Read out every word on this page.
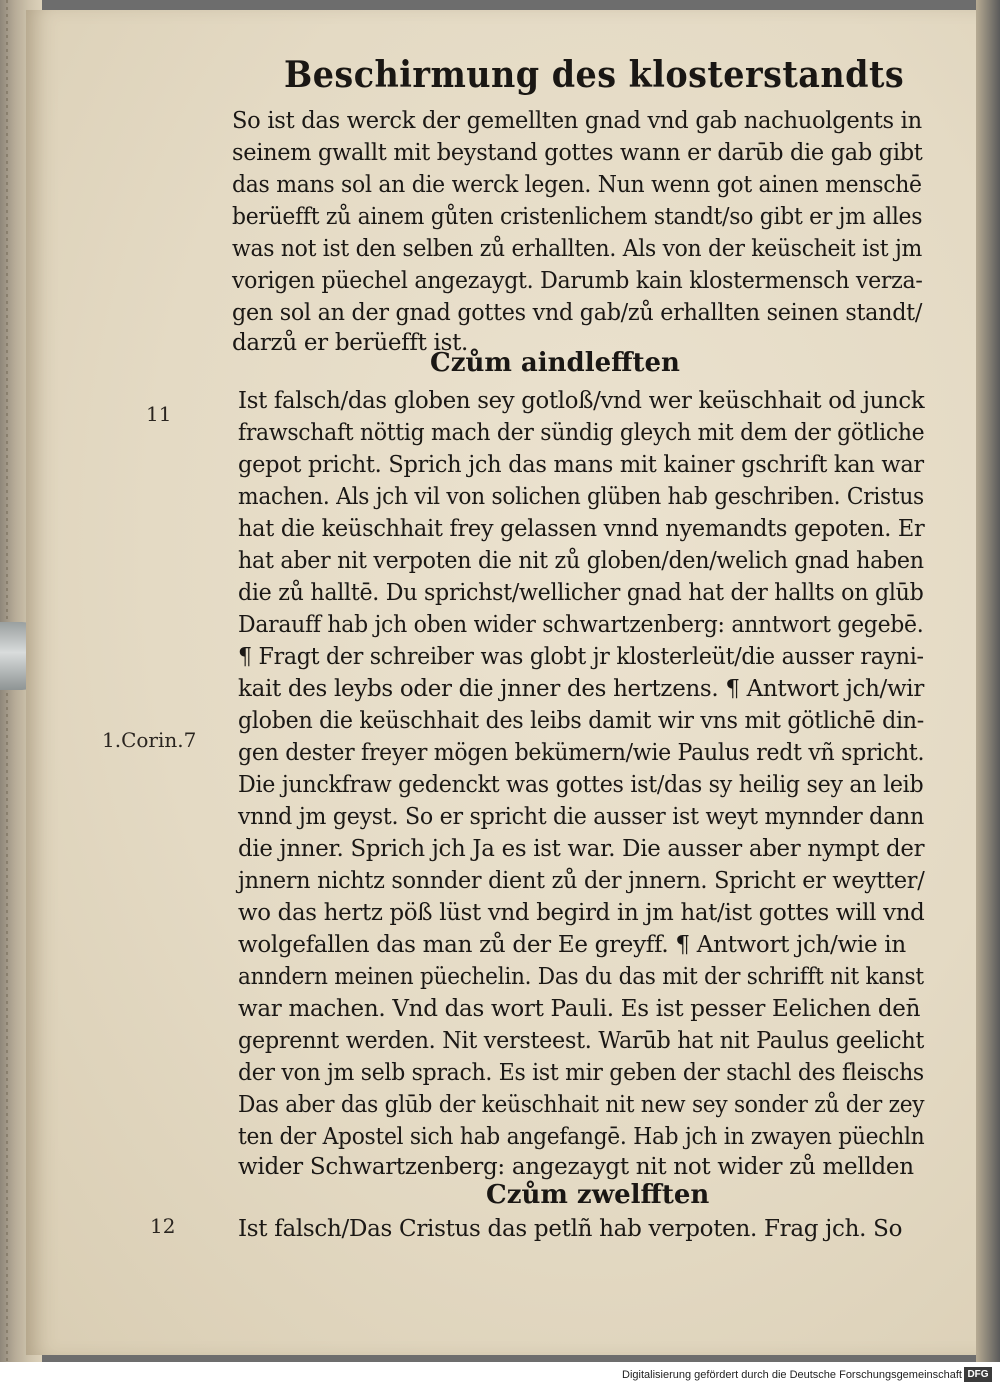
Beschirmung des klosterstandts
So ist das werck der gemellten gnad vnd gab nachuolgents in
seinem gwallt mit beystand gottes wann er darūb die gab gibt
das mans sol an die werck legen. Nun wenn got ainen menschē
berüefft zů ainem gůten cristenlichem standt/so gibt er jm alles
was not ist den selben zů erhallten. Als von der keüscheit ist jm
vorigen püechel angezaygt. Darumb kain klostermensch verza-
gen sol an der gnad gottes vnd gab/zů erhallten seinen standt/
darzů er berüefft ist.
Czům aindlefften
11
1.Corin.7
Ist falsch/das globen sey gotloß/vnd wer keüschhait od junck
frawschaft nöttig mach der sündig gleych mit dem der götliche
gepot pricht. Sprich jch das mans mit kainer gschrift kan war
machen. Als jch vil von solichen glüben hab geschriben. Cristus
hat die keüschhait frey gelassen vnnd nyemandts gepoten. Er
hat aber nit verpoten die nit zů globen/den/welich gnad haben
die zů halltē. Du sprichst/wellicher gnad hat der hallts on glūb
Darauff hab jch oben wider schwartzenberg: anntwort gegebē.
¶ Fragt der schreiber was globt jr klosterleüt/die ausser rayni-
kait des leybs oder die jnner des hertzens. ¶ Antwort jch/wir
globen die keüschhait des leibs damit wir vns mit götlichē din-
gen dester freyer mögen bekümern/wie Paulus redt vñ spricht.
Die junckfraw gedenckt was gottes ist/das sy heilig sey an leib
vnnd jm geyst. So er spricht die ausser ist weyt mynnder dann
die jnner. Sprich jch Ja es ist war. Die ausser aber nympt der
jnnern nichtz sonnder dient zů der jnnern. Spricht er weytter/
wo das hertz pöß lüst vnd begird in jm hat/ist gottes will vnd
wolgefallen das man zů der Ee greyff. ¶ Antwort jch/wie in
anndern meinen püechelin. Das du das mit der schrifft nit kanst
war machen. Vnd das wort Pauli. Es ist pesser Eelichen den̄
geprennt werden. Nit versteest. Warūb hat nit Paulus geelicht
der von jm selb sprach. Es ist mir geben der stachl des fleischs
Das aber das glūb der keüschhait nit new sey sonder zů der zey
ten der Apostel sich hab angefangē. Hab jch in zwayen püechln
wider Schwartzenberg: angezaygt nit not wider zů mellden
Czům zwelfften
12	Ist falsch/Das Cristus das petlñ hab verpoten. Frag jch. So
Digitalisierung gefördert durch die Deutsche Forschungsgemeinschaft DFG
